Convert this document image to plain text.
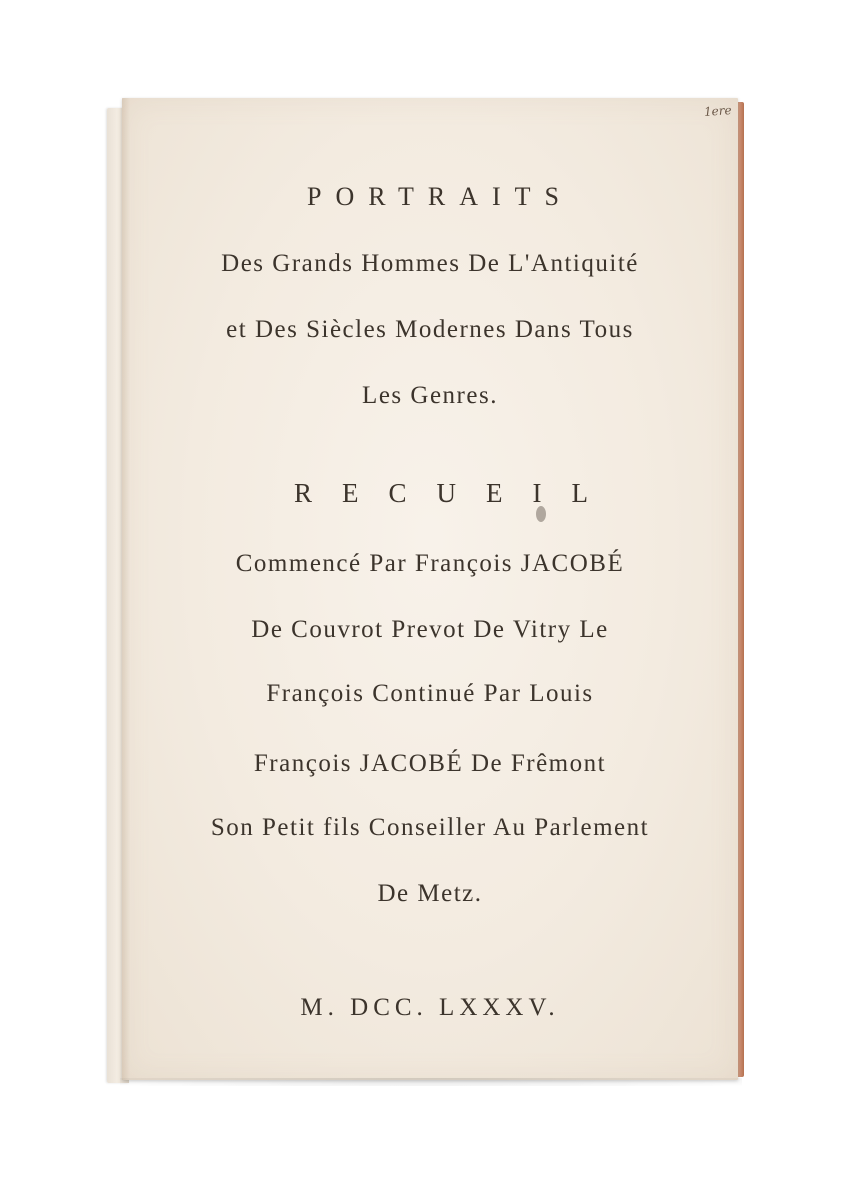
1ere
PORTRAITS
Des Grands Hommes De L'Antiquité
et Des Siècles Modernes Dans Tous
Les Genres.
RECUEIL
Commencé Par François JACOBÉ
De Couvrot Prevot De Vitry Le
François Continué Par Louis
François JACOBÉ De Frêmont
Son Petit fils Conseiller Au Parlement
De Metz.
M. DCC. LXXXV.
